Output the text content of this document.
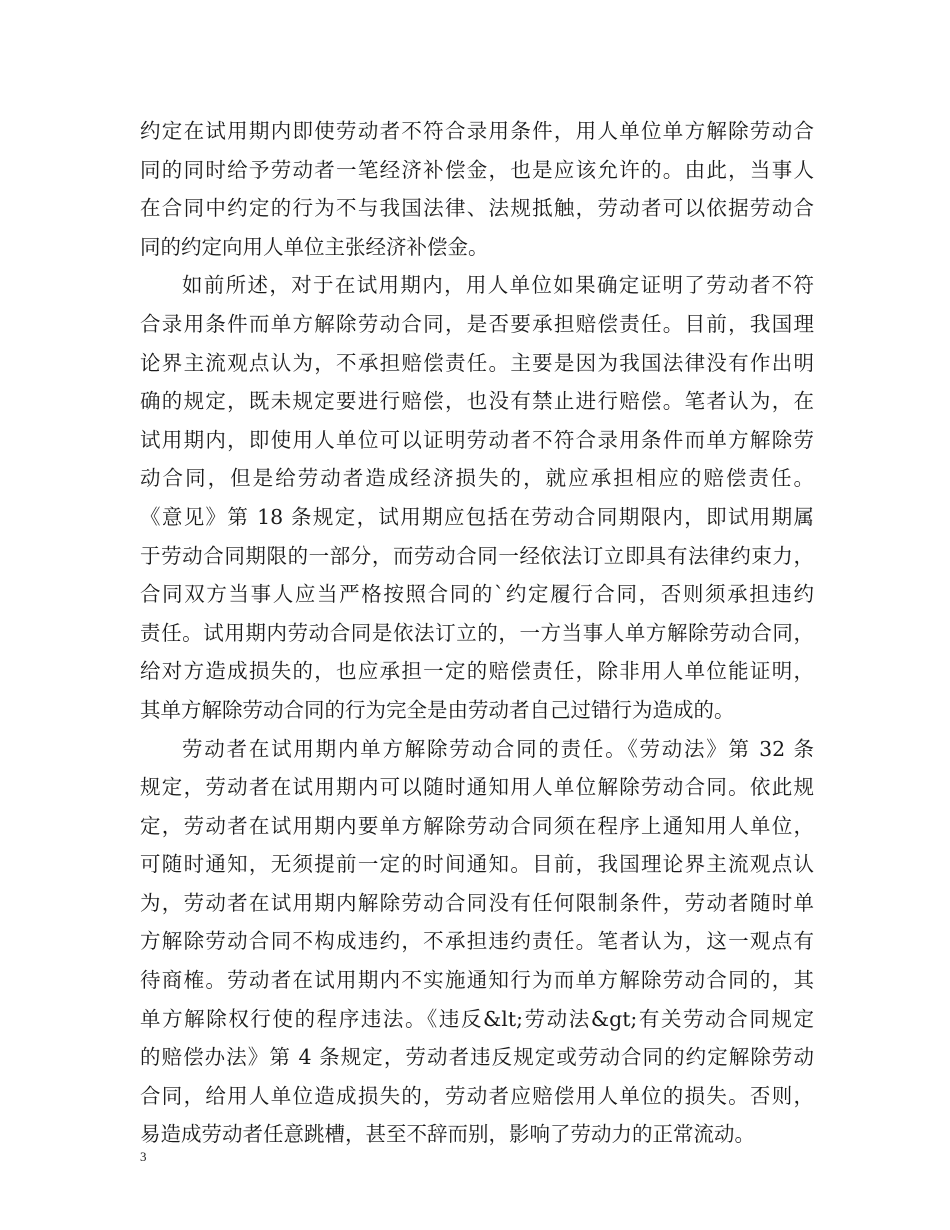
约定在试用期内即使劳动者不符合录用条件，用人单位单方解除劳动合
同的同时给予劳动者一笔经济补偿金，也是应该允许的。由此，当事人
在合同中约定的行为不与我国法律、法规抵触，劳动者可以依据劳动合
同的约定向用人单位主张经济补偿金。
如前所述，对于在试用期内，用人单位如果确定证明了劳动者不符
合录用条件而单方解除劳动合同，是否要承担赔偿责任。目前，我国理
论界主流观点认为，不承担赔偿责任。主要是因为我国法律没有作出明
确的规定，既未规定要进行赔偿，也没有禁止进行赔偿。笔者认为，在
试用期内，即使用人单位可以证明劳动者不符合录用条件而单方解除劳
动合同，但是给劳动者造成经济损失的，就应承担相应的赔偿责任。
《意见》第 18 条规定，试用期应包括在劳动合同期限内，即试用期属
于劳动合同期限的一部分，而劳动合同一经依法订立即具有法律约束力，
合同双方当事人应当严格按照合同的`约定履行合同，否则须承担违约
责任。试用期内劳动合同是依法订立的，一方当事人单方解除劳动合同，
给对方造成损失的，也应承担一定的赔偿责任，除非用人单位能证明，
其单方解除劳动合同的行为完全是由劳动者自己过错行为造成的。
劳动者在试用期内单方解除劳动合同的责任。《劳动法》第 32 条
规定，劳动者在试用期内可以随时通知用人单位解除劳动合同。依此规
定，劳动者在试用期内要单方解除劳动合同须在程序上通知用人单位，
可随时通知，无须提前一定的时间通知。目前，我国理论界主流观点认
为，劳动者在试用期内解除劳动合同没有任何限制条件，劳动者随时单
方解除劳动合同不构成违约，不承担违约责任。笔者认为，这一观点有
待商榷。劳动者在试用期内不实施通知行为而单方解除劳动合同的，其
单方解除权行使的程序违法。《违反&lt;劳动法&gt;有关劳动合同规定
的赔偿办法》第 4 条规定，劳动者违反规定或劳动合同的约定解除劳动
合同，给用人单位造成损失的，劳动者应赔偿用人单位的损失。否则，
易造成劳动者任意跳槽，甚至不辞而别，影响了劳动力的正常流动。
3
